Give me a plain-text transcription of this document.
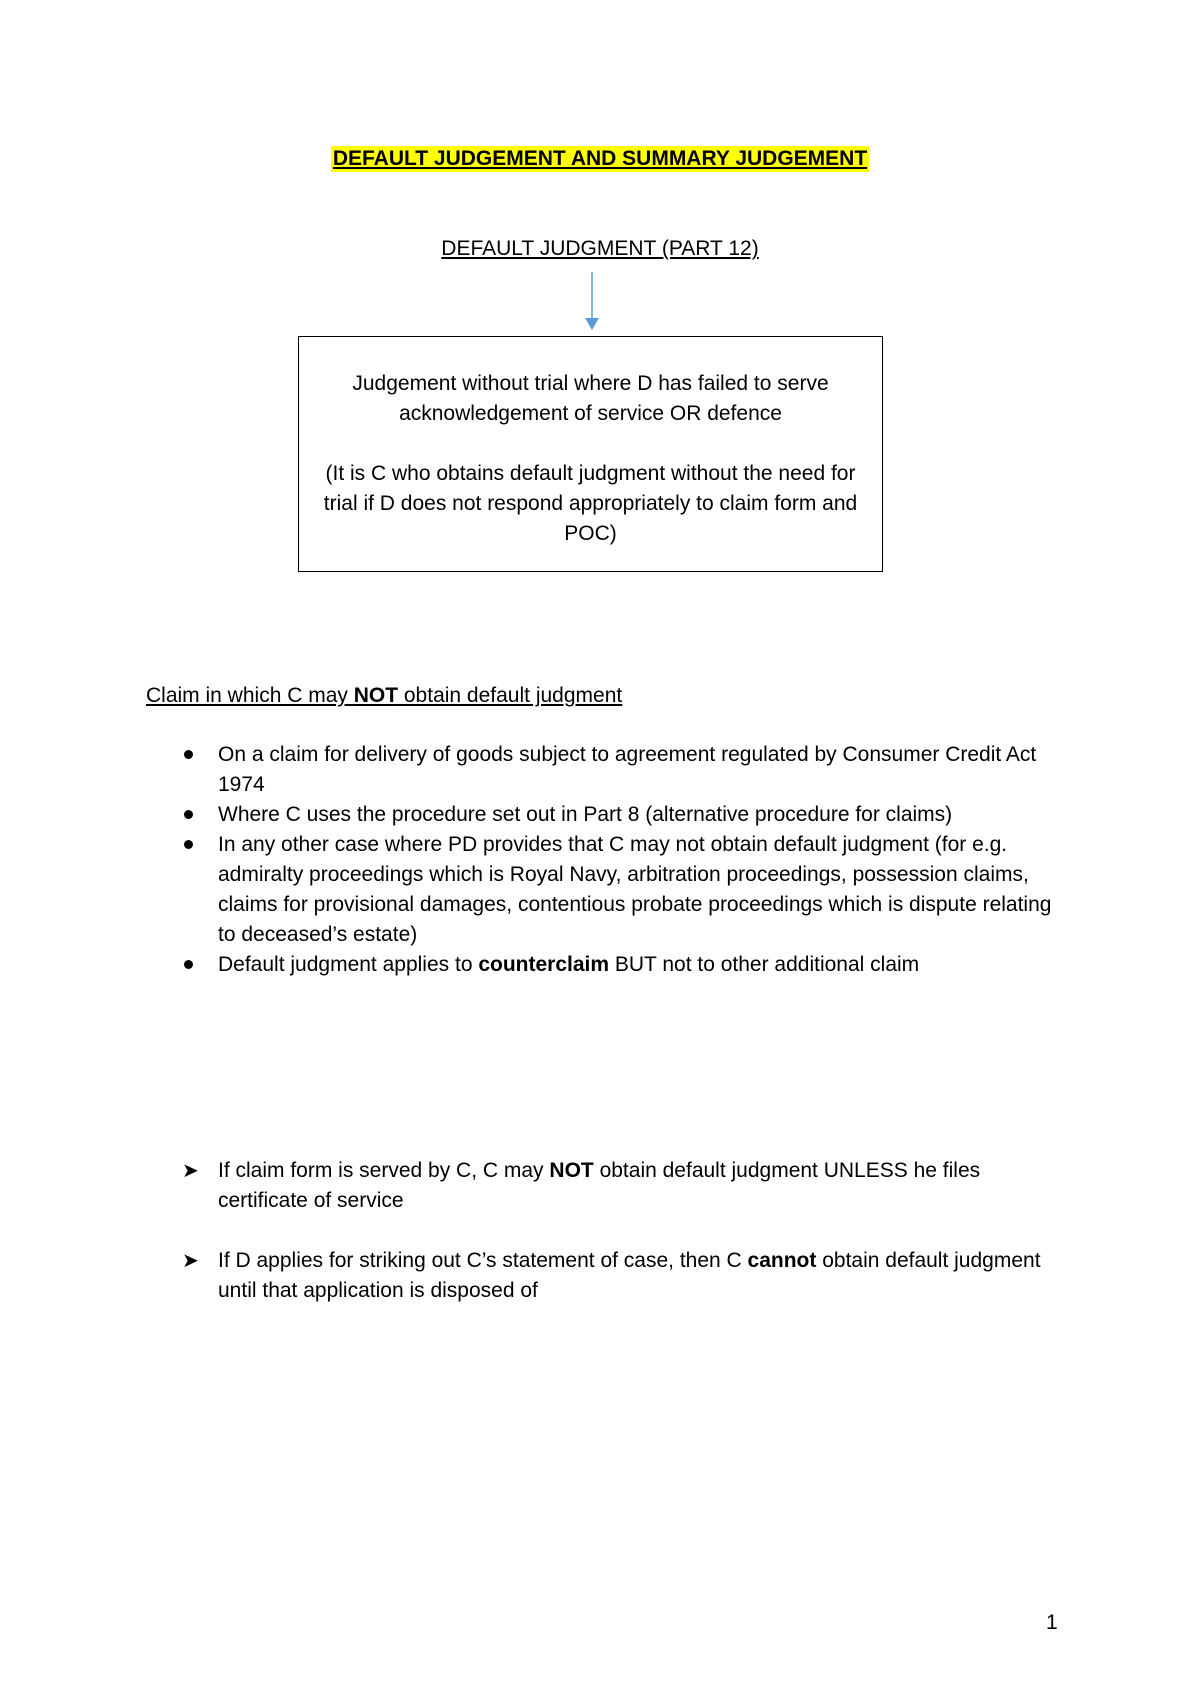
DEFAULT JUDGEMENT AND SUMMARY JUDGEMENT
DEFAULT JUDGMENT (PART 12)

Judgement without trial where D has failed to serve acknowledgement of service OR defence

(It is C who obtains default judgment without the need for trial if D does not respond appropriately to claim form and POC)

Claim in which C may NOT obtain default judgment
On a claim for delivery of goods subject to agreement regulated by Consumer Credit Act 1974
Where C uses the procedure set out in Part 8 (alternative procedure for claims)
In any other case where PD provides that C may not obtain default judgment (for e.g. admiralty proceedings which is Royal Navy, arbitration proceedings, possession claims, claims for provisional damages, contentious probate proceedings which is dispute relating to deceased’s estate)
Default judgment applies to counterclaim BUT not to other additional claim
➤ If claim form is served by C, C may NOT obtain default judgment UNLESS he files certificate of service
➤ If D applies for striking out C’s statement of case, then C cannot obtain default judgment until that application is disposed of
1
